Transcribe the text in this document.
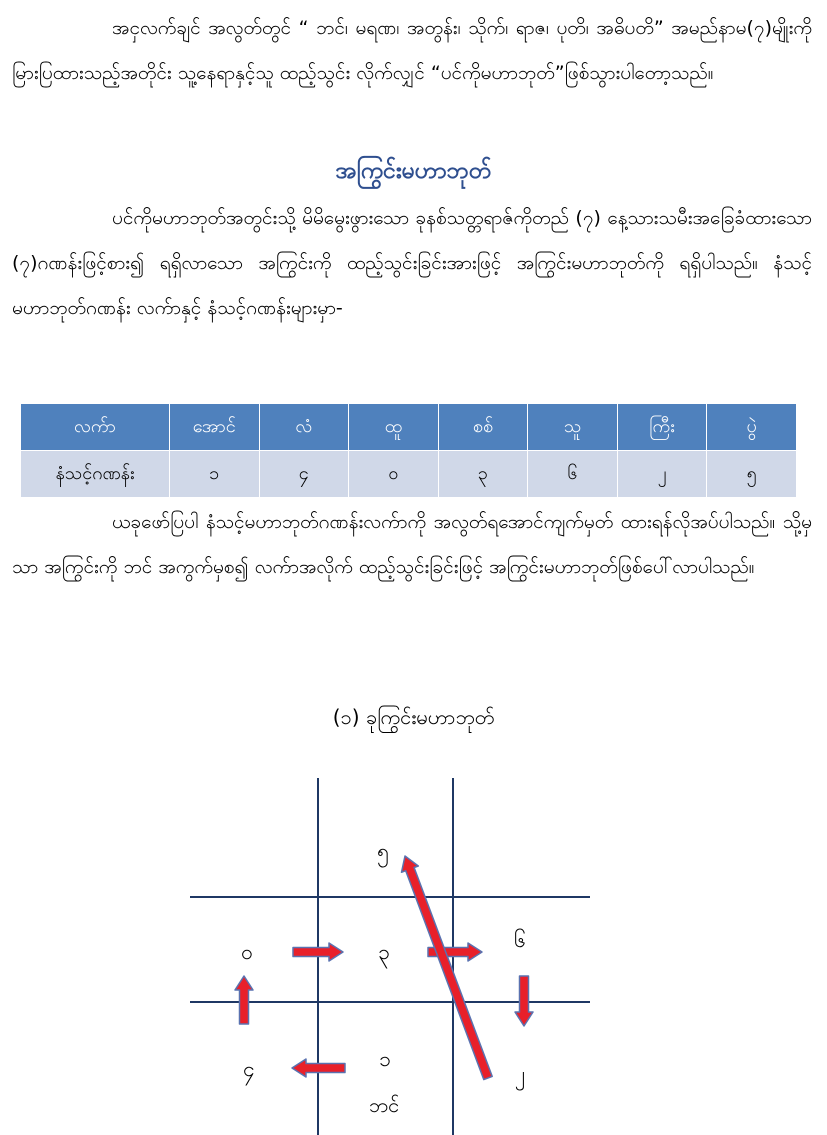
အငှလက်ချင် အလွတ်တွင် “ ဘင်၊ မရဏ၊ အတွန်း၊ သိုက်၊ ရာဇ၊ ပုတိ၊ အဓိပတိ” အမည်နာမ(၇)မျိုးကို မြားပြထားသည့်အတိုင်း သူ့နေရာနှင့်သူ ထည့်သွင်း လိုက်လျှင် “ပင်ကိုမဟာဘုတ်”ဖြစ်သွားပါတော့သည်။
အကြွင်းမဟာဘုတ်
ပင်ကိုမဟာဘုတ်အတွင်းသို့ မိမိမွေးဖွားသော ခုနစ်သတ္တရာဇ်ကိုတည် (၇) နေ့သားသမီးအခြေခံထားသော (၇)ဂဏန်းဖြင့်စား၍ ရရှိလာသော အကြွင်းကို ထည့်သွင်းခြင်းအားဖြင့် အကြွင်းမဟာဘုတ်ကို ရရှိပါသည်။ နံသင့်မဟာဘုတ်ဂဏန်း လက်ာနှင့် နံသင့်ဂဏန်းများမှာ-
လက်ာ	အောင်	လံ	ထူ	စစ်	သူ	ကြီး	ပွဲ
နံသင့်ဂဏန်း	၁	၄	၀	၃	၆	၂	၅
ယခုဖော်ပြပါ နံသင့်မဟာဘုတ်ဂဏန်းလက်ာကို အလွတ်ရအောင်ကျက်မှတ် ထားရန်လိုအပ်ပါသည်။ သို့မှသာ အကြွင်းကို ဘင် အကွက်မှစ၍ လက်ာအလိုက် ထည့်သွင်းခြင်းဖြင့် အကြွင်းမဟာဘုတ်ဖြစ်ပေါ်လာပါသည်။
(၁) ခုကြွင်းမဟာဘုတ်
၅
၀	၃	၆
၄	၁
၂
ဘင်
